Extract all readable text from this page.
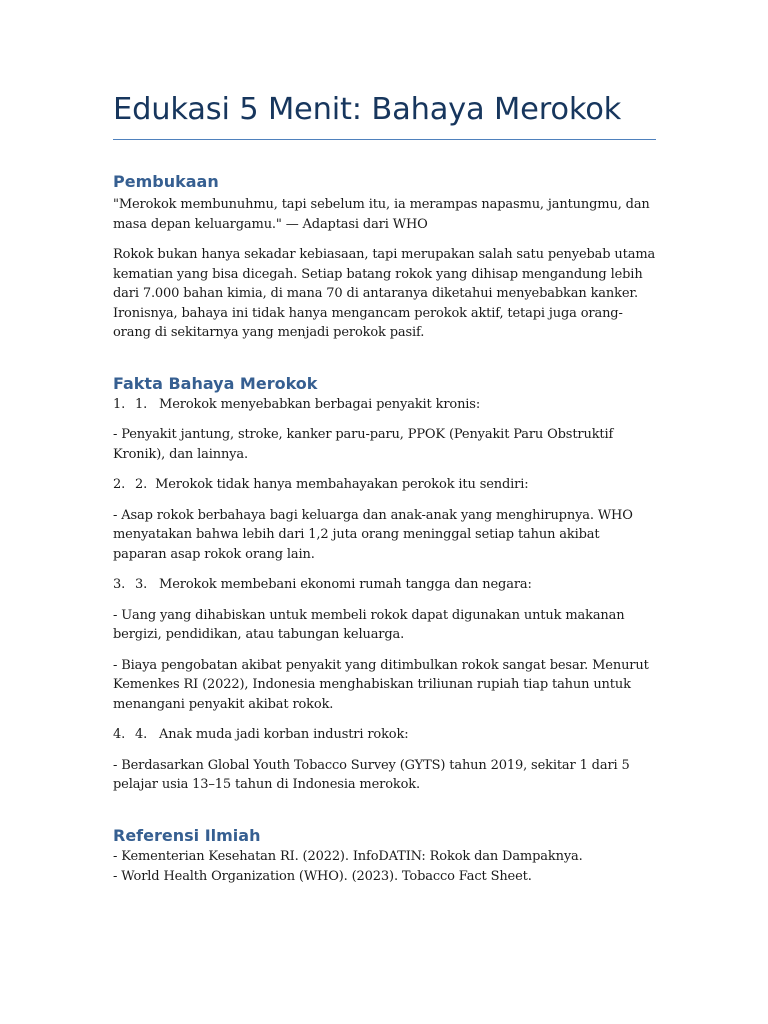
Edukasi 5 Menit: Bahaya Merokok
Pembukaan

"Merokok membunuhmu, tapi sebelum itu, ia merampas napasmu, jantungmu, dan masa depan keluargamu." — Adaptasi dari WHO

Rokok bukan hanya sekadar kebiasaan, tapi merupakan salah satu penyebab utama kematian yang bisa dicegah. Setiap batang rokok yang dihisap mengandung lebih dari 7.000 bahan kimia, di mana 70 di antaranya diketahui menyebabkan kanker. Ironisnya, bahaya ini tidak hanya mengancam perokok aktif, tetapi juga orang-orang di sekitarnya yang menjadi perokok pasif.

Fakta Bahaya Merokok
1. 1.   Merokok menyebabkan berbagai penyakit kronis:

- Penyakit jantung, stroke, kanker paru-paru, PPOK (Penyakit Paru Obstruktif Kronik), dan lainnya.

2. 2.  Merokok tidak hanya membahayakan perokok itu sendiri:

- Asap rokok berbahaya bagi keluarga dan anak-anak yang menghirupnya. WHO menyatakan bahwa lebih dari 1,2 juta orang meninggal setiap tahun akibat paparan asap rokok orang lain.

3. 3.   Merokok membebani ekonomi rumah tangga dan negara:

- Uang yang dihabiskan untuk membeli rokok dapat digunakan untuk makanan bergizi, pendidikan, atau tabungan keluarga.

- Biaya pengobatan akibat penyakit yang ditimbulkan rokok sangat besar. Menurut Kemenkes RI (2022), Indonesia menghabiskan triliunan rupiah tiap tahun untuk menangani penyakit akibat rokok.

4. 4.   Anak muda jadi korban industri rokok:

- Berdasarkan Global Youth Tobacco Survey (GYTS) tahun 2019, sekitar 1 dari 5 pelajar usia 13–15 tahun di Indonesia merokok.

Referensi Ilmiah

- Kementerian Kesehatan RI. (2022). InfoDATIN: Rokok dan Dampaknya.

- World Health Organization (WHO). (2023). Tobacco Fact Sheet.
